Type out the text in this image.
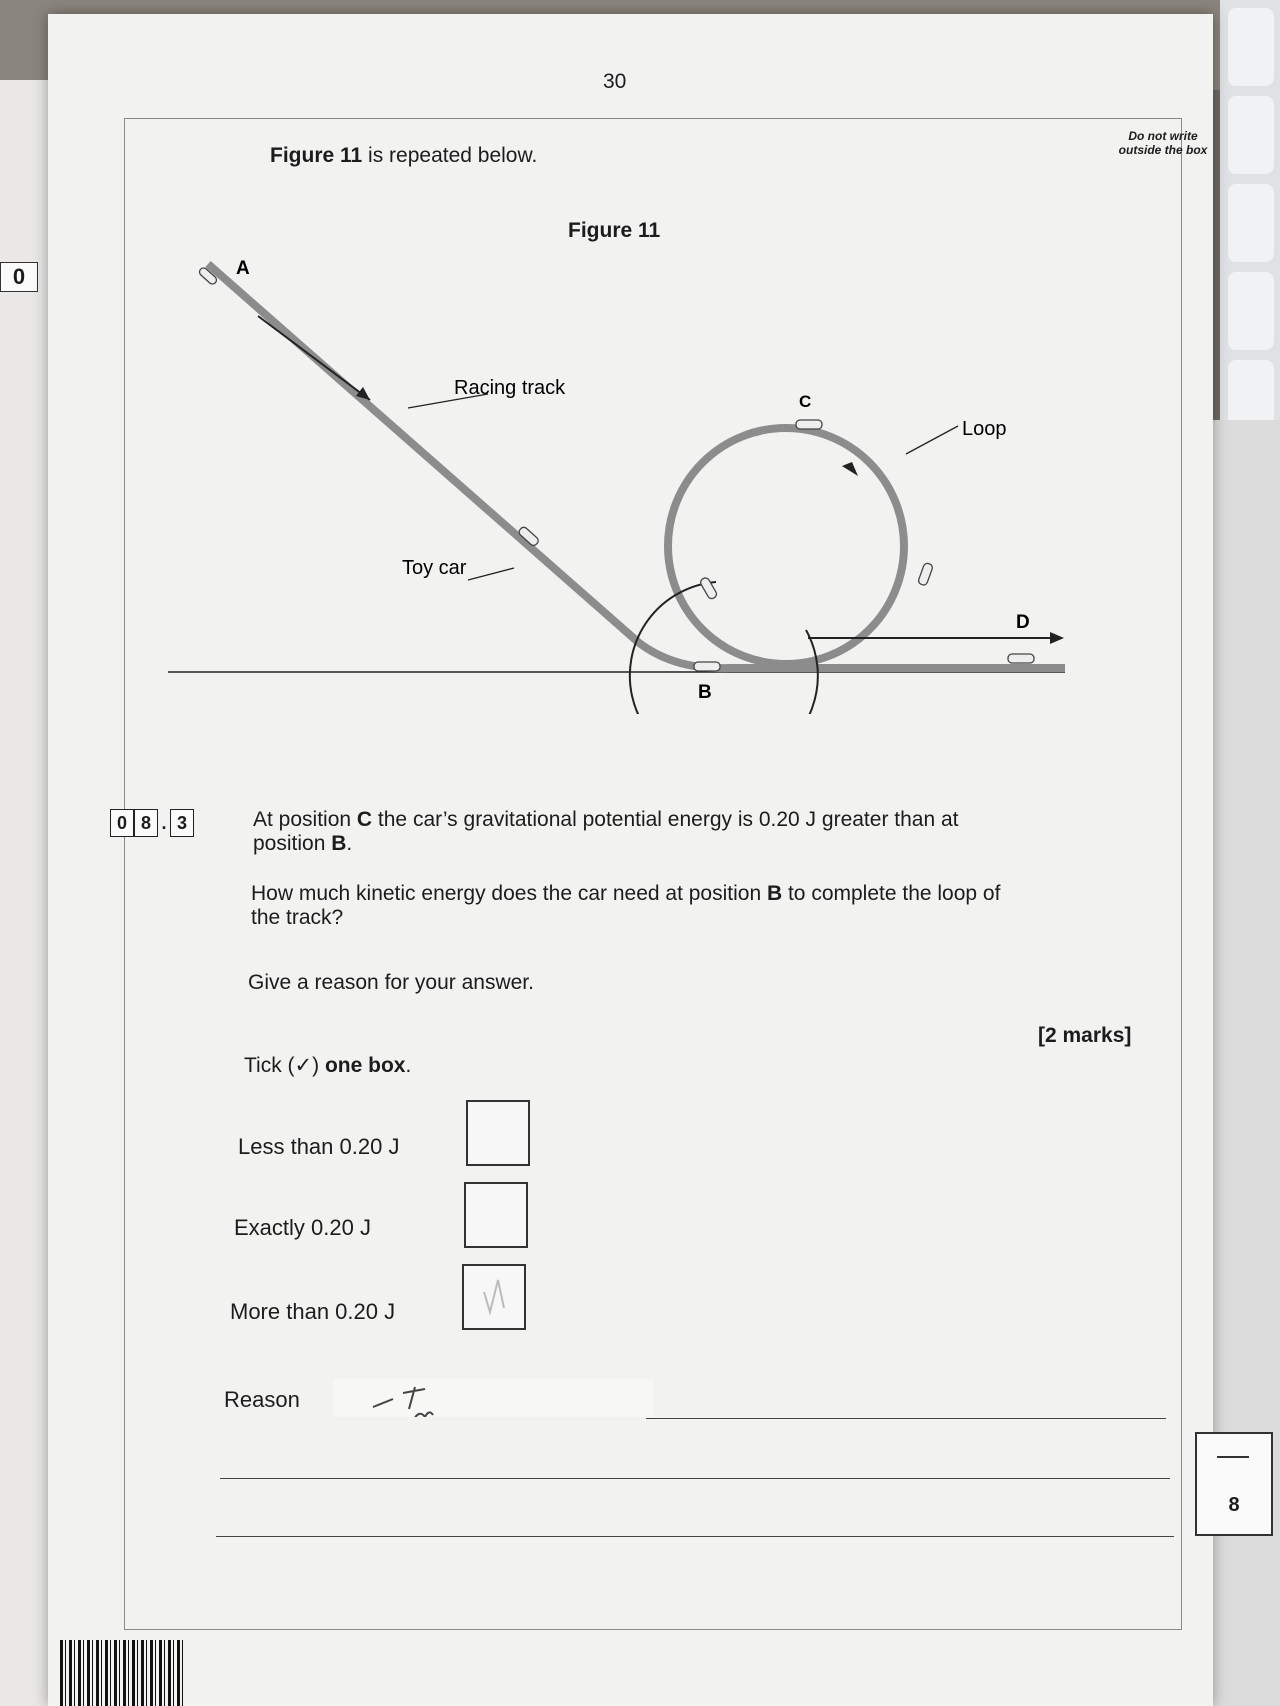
0
30
Do not write outside the box
Figure 11 is repeated below.
Figure 11
A
B
C
D
Racing track
Toy car
Loop
0 8 . 3	At position C the car’s gravitational potential energy is 0.20 J greater than at
position B.
How much kinetic energy does the car need at position B to complete the loop of
the track?
Give a reason for your answer.
[2 marks]
Tick (✓) one box.
Less than 0.20 J
Exactly 0.20 J
More than 0.20 J
Reason
8
